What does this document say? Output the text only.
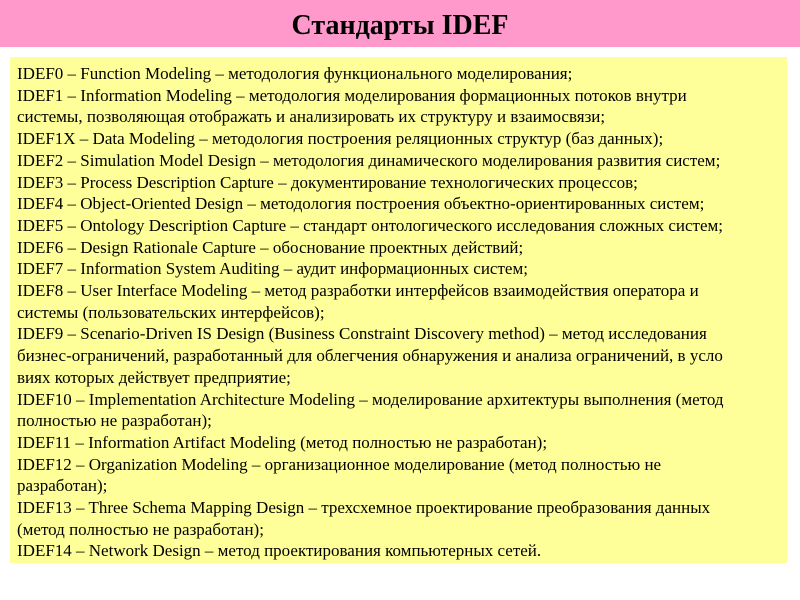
Стандарты IDEF
IDEF0 – Function Modeling – методология функционального моделирования;
IDEF1 – Information Modeling – методология моделирования формационных потоков внутри
системы, позволяющая отображать и анализировать их структуру и взаимосвязи;
IDEF1X – Data Modeling – методология построения реляционных структур (баз данных);
IDEF2 – Simulation Model Design – методология динамического моделирования развития систем;
IDEF3 – Process Description Capture – документирование технологических процессов;
IDEF4 – Object-Oriented Design – методология построения объектно-ориентированных систем;
IDEF5 – Ontology Description Capture – стандарт онтологического исследования сложных систем;
IDEF6 – Design Rationale Capture – обоснование проектных действий;
IDEF7 – Information System Auditing – аудит информационных систем;
IDEF8 – User Interface Modeling – метод разработки интерфейсов взаимодействия оператора и
системы (пользовательских интерфейсов);
IDEF9 – Scenario-Driven IS Design (Business Constraint Discovery method) – метод исследования
бизнес-ограничений, разработанный для облегчения обнаружения и анализа ограничений, в усло
виях которых действует предприятие;
IDEF10 – Implementation Architecture Modeling – моделирование архитектуры выполнения (метод
полностью не разработан);
IDEF11 – Information Artifact Modeling (метод полностью не разработан);
IDEF12 – Organization Modeling – организационное моделирование (метод полностью не
разработан);
IDEF13 – Three Schema Mapping Design – трехсхемное проектирование преобразования данных
(метод полностью не разработан);
IDEF14 – Network Design – метод проектирования компьютерных сетей.
